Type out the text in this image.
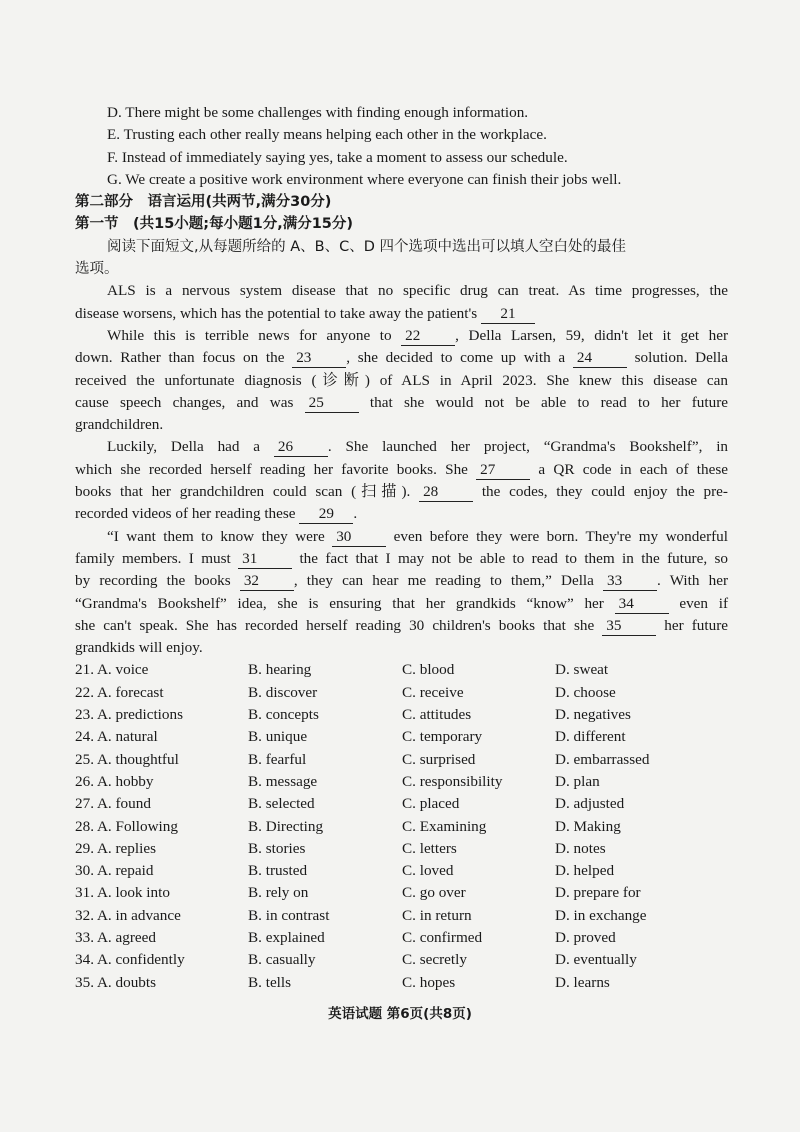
D. There might be some challenges with finding enough information.
E. Trusting each other really means helping each other in the workplace.
F. Instead of immediately saying yes, take a moment to assess our schedule.
G. We create a positive work environment where everyone can finish their jobs well.
第二部分　语言运用(共两节,满分30分)
第一节　(共15小题;每小题1分,满分15分)
阅读下面短文,从每题所给的 A、B、C、D 四个选项中选出可以填人空白处的最佳
选项。
ALS is a nervous system disease that no specific drug can treat. As time progresses, the
disease worsens, which has the potential to take away the patient's 21
While this is terrible news for anyone to 22 , Della Larsen, 59, didn't let it get her
down. Rather than focus on the 23 , she decided to come up with a 24 solution. Della
received the unfortunate diagnosis (诊断) of ALS in April 2023. She knew this disease can
cause speech changes, and was 25 that she would not be able to read to her future
grandchildren.
Luckily, Della had a 26 . She launched her project, “Grandma's Bookshelf”, in
which she recorded herself reading her favorite books. She 27 a QR code in each of these
books that her grandchildren could scan (扫描). 28 the codes, they could enjoy the pre-
recorded videos of her reading these 29 .
“I want them to know they were 30 even before they were born. They're my wonderful
family members. I must 31 the fact that I may not be able to read to them in the future, so
by recording the books 32 , they can hear me reading to them,” Della 33 . With her
“Grandma's Bookshelf” idea, she is ensuring that her grandkids “know” her 34 even if
she can't speak. She has recorded herself reading 30 children's books that she 35 her future
grandkids will enjoy.
21. A. voice	B. hearing	C. blood	D. sweat
22. A. forecast	B. discover	C. receive	D. choose
23. A. predictions	B. concepts	C. attitudes	D. negatives
24. A. natural	B. unique	C. temporary	D. different
25. A. thoughtful	B. fearful	C. surprised	D. embarrassed
26. A. hobby	B. message	C. responsibility	D. plan
27. A. found	B. selected	C. placed	D. adjusted
28. A. Following	B. Directing	C. Examining	D. Making
29. A. replies	B. stories	C. letters	D. notes
30. A. repaid	B. trusted	C. loved	D. helped
31. A. look into	B. rely on	C. go over	D. prepare for
32. A. in advance	B. in contrast	C. in return	D. in exchange
33. A. agreed	B. explained	C. confirmed	D. proved
34. A. confidently	B. casually	C. secretly	D. eventually
35. A. doubts	B. tells	C. hopes	D. learns
英语试题 第6页(共8页)
